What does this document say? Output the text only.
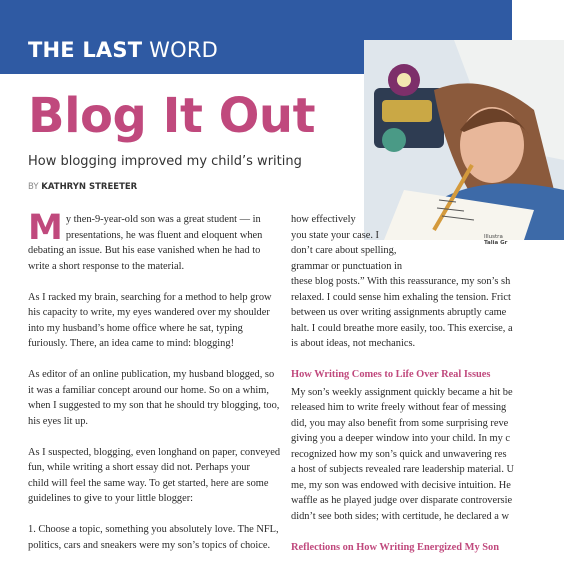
THE LAST WORD
Illustra
Talia Gr
Blog It Out
How blogging improved my child’s writing
BY KATHRYN STREETER
M y then-9-year-old son was a great student — in
presentations, he was fluent and eloquent when
debating an issue. But his ease vanished when he had to
write a short response to the material.
As I racked my brain, searching for a method to help grow
his capacity to write, my eyes wandered over my shoulder
into my husband’s home office where he sat, typing
furiously. There, an idea came to mind: blogging!
As editor of an online publication, my husband blogged, so
it was a familiar concept around our home. So on a whim,
when I suggested to my son that he should try blogging, too,
his eyes lit up.
As I suspected, blogging, even longhand on paper, conveyed
fun, while writing a short essay did not. Perhaps your
child will feel the same way. To get started, here are some
guidelines to give to your little blogger:
1. Choose a topic, something you absolutely love. The NFL,
politics, cars and sneakers were my son’s topics of choice.
how effectively
you state your case. I
don’t care about spelling,
grammar or punctuation in
these blog posts.” With this reassurance, my son’s sh
relaxed. I could sense him exhaling the tension. Frict
between us over writing assignments abruptly came
halt. I could breathe more easily, too. This exercise, a
is about ideas, not mechanics.
How Writing Comes to Life Over Real Issues
My son’s weekly assignment quickly became a hit be
released him to write freely without fear of messing
did, you may also benefit from some surprising reve
giving you a deeper window into your child. In my c
recognized how my son’s quick and unwavering res
a host of subjects revealed rare leadership material. U
me, my son was endowed with decisive intuition. He
waffle as he played judge over disparate controversie
didn’t see both sides; with certitude, he declared a w
Reflections on How Writing Energized My Son
